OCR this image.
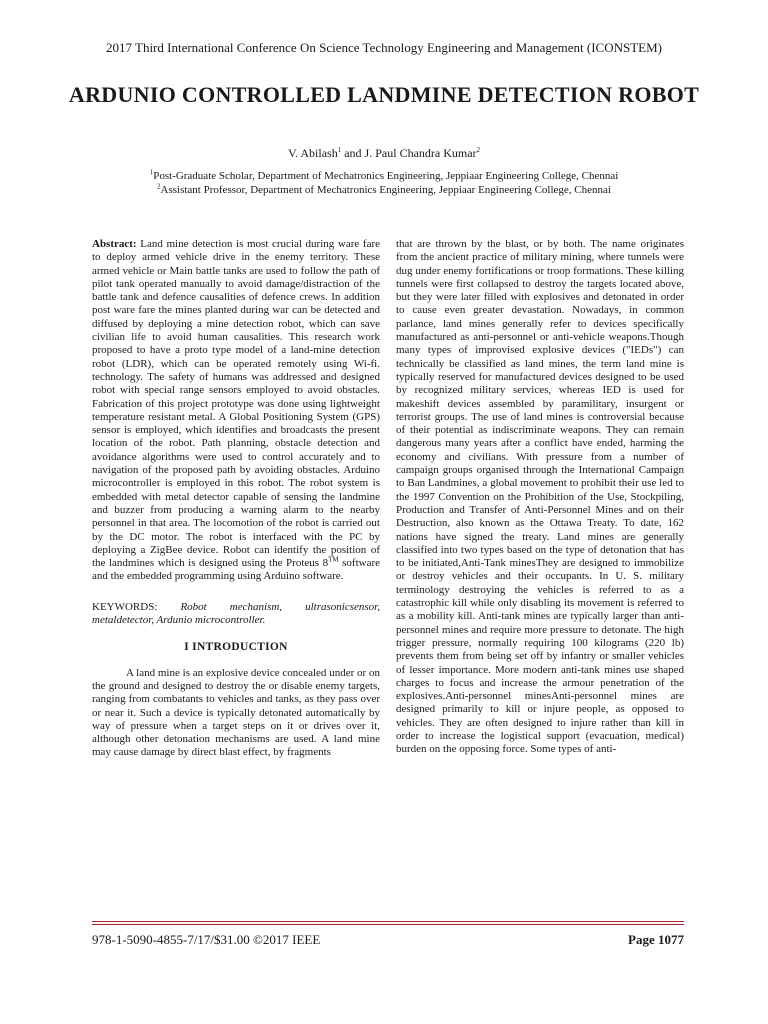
2017 Third International Conference On Science Technology Engineering and Management (ICONSTEM)
ARDUNIO CONTROLLED LANDMINE DETECTION ROBOT
V. Abilash$^1$ and J. Paul Chandra Kumar$^2$
$^1$Post-Graduate Scholar, Department of Mechatronics Engineering, Jeppiaar Engineering College, Chennai
$^2$Assistant Professor, Department of Mechatronics Engineering, Jeppiaar Engineering College, Chennai

Abstract: Land mine detection is most crucial during ware fare to deploy armed vehicle drive in the enemy territory. These armed vehicle or Main battle tanks are used to follow the path of pilot tank operated manually to avoid damage/distraction of the battle tank and defence causalities of defence crews. In addition post ware fare the mines planted during war can be detected and diffused by deploying a mine detection robot, which can save civilian life to avoid human causalities. This research work proposed to have a proto type model of a land-mine detection robot (LDR), which can be operated remotely using Wi-fi. technology. The safety of humans was addressed and designed robot with special range sensors employed to avoid obstacles. Fabrication of this project prototype was done using lightweight temperature resistant metal. A Global Positioning System (GPS) sensor is employed, which identifies and broadcasts the present location of the robot. Path planning, obstacle detection and avoidance algorithms were used to control accurately and to navigation of the proposed path by avoiding obstacles. Arduino microcontroller is employed in this robot. The robot system is embedded with metal detector capable of sensing the landmine and buzzer from producing a warning alarm to the nearby personnel in that area. The locomotion of the robot is carried out by the DC motor. The robot is interfaced with the PC by deploying a ZigBee device. Robot can identify the position of the landmines which is designed using the Proteus 8™ software and the embedded programming using Arduino software.

KEYWORDS: Robot mechanism, ultrasonicsensor, metaldetector, Ardunio microcontroller.

I INTRODUCTION

A land mine is an explosive device concealed under or on the ground and designed to destroy the or disable enemy targets, ranging from combatants to vehicles and tanks, as they pass over or near it. Such a device is typically detonated automatically by way of pressure when a target steps on it or drives over it, although other detonation mechanisms are used. A land mine may cause damage by direct blast effect, by fragments

that are thrown by the blast, or by both. The name originates from the ancient practice of military mining, where tunnels were dug under enemy fortifications or troop formations. These killing tunnels were first collapsed to destroy the targets located above, but they were later filled with explosives and detonated in order to cause even greater devastation. Nowadays, in common parlance, land mines generally refer to devices specifically manufactured as anti-personnel or anti-vehicle weapons.Though many types of improvised explosive devices ("IEDs") can technically be classified as land mines, the term land mine is typically reserved for manufactured devices designed to be used by recognized military services, whereas IED is used for makeshift devices assembled by paramilitary, insurgent or terrorist groups. The use of land mines is controversial because of their potential as indiscriminate weapons. They can remain dangerous many years after a conflict have ended, harming the economy and civilians. With pressure from a number of campaign groups organised through the International Campaign to Ban Landmines, a global movement to prohibit their use led to the 1997 Convention on the Prohibition of the Use, Stockpiling, Production and Transfer of Anti-Personnel Mines and on their Destruction, also known as the Ottawa Treaty. To date, 162 nations have signed the treaty. Land mines are generally classified into two types based on the type of detonation that has to be initiated,Anti-Tank minesThey are designed to immobilize or destroy vehicles and their occupants. In U. S. military terminology destroying the vehicles is referred to as a catastrophic kill while only disabling its movement is referred to as a mobility kill. Anti-tank mines are typically larger than anti-personnel mines and require more pressure to detonate. The high trigger pressure, normally requiring 100 kilograms (220 lb) prevents them from being set off by infantry or smaller vehicles of lesser importance. More modern anti-tank mines use shaped charges to focus and increase the armour penetration of the explosives.Anti-personnel minesAnti-personnel mines are designed primarily to kill or injure people, as opposed to vehicles. They are often designed to injure rather than kill in order to increase the logistical support (evacuation, medical) burden on the opposing force. Some types of anti-

978-1-5090-4855-7/17/$31.00 ©2017 IEEE	Page 1077
